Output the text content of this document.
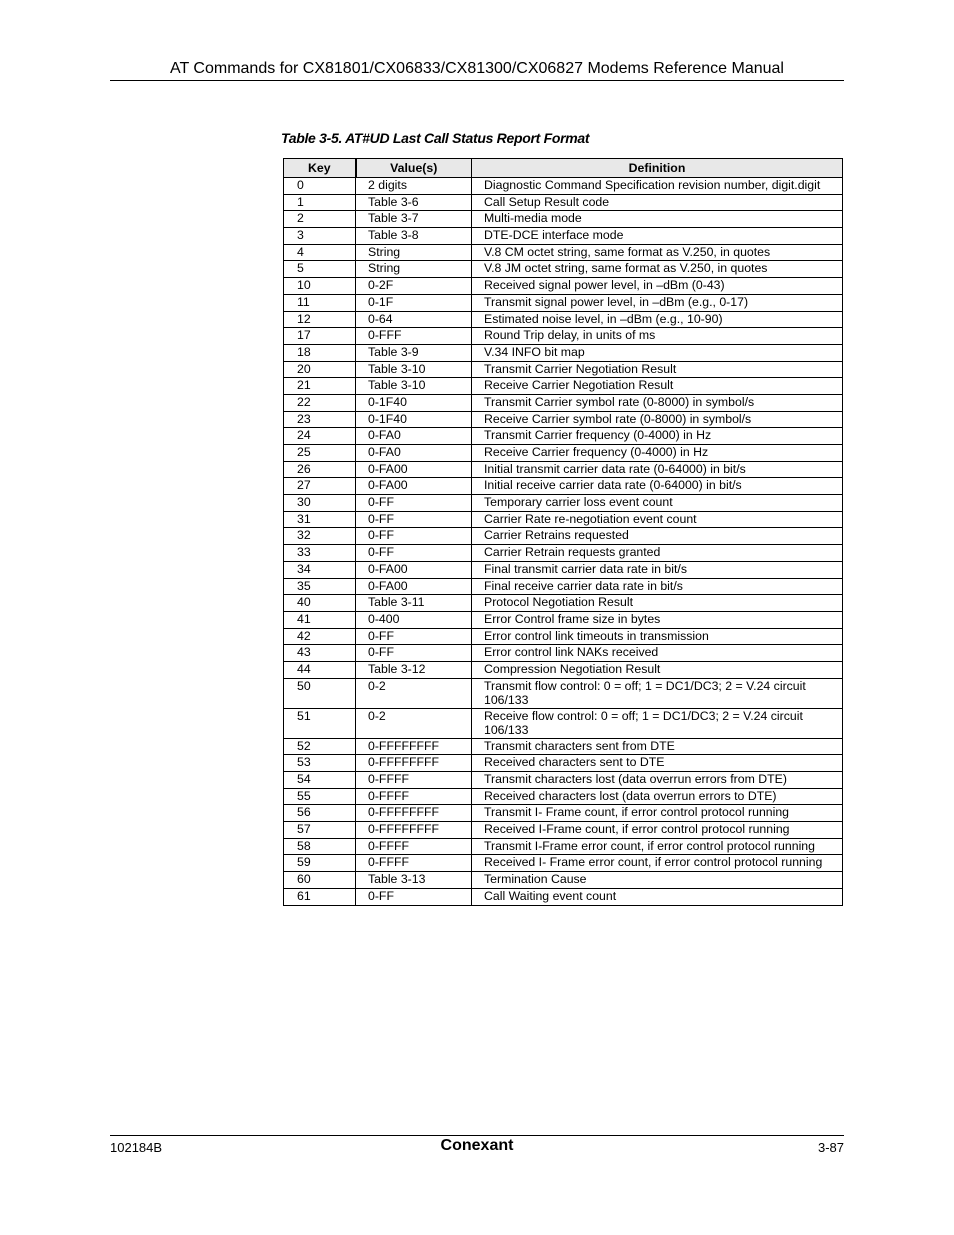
AT Commands for CX81801/CX06833/CX81300/CX06827 Modems Reference Manual
Table 3-5. AT#UD Last Call Status Report Format
Key	Value(s)	Definition
0	2 digits	Diagnostic Command Specification revision number, digit.digit
1	Table 3-6	Call Setup Result code
2	Table 3-7	Multi-media mode
3	Table 3-8	DTE-DCE interface mode
4	String	V.8 CM octet string, same format as V.250, in quotes
5	String	V.8 JM octet string, same format as V.250, in quotes
10	0-2F	Received signal power level, in –dBm (0-43)
11	0-1F	Transmit signal power level, in –dBm (e.g., 0-17)
12	0-64	Estimated noise level, in –dBm (e.g., 10-90)
17	0-FFF	Round Trip delay, in units of ms
18	Table 3-9	V.34 INFO bit map
20	Table 3-10	Transmit Carrier Negotiation Result
21	Table 3-10	Receive Carrier Negotiation Result
22	0-1F40	Transmit Carrier symbol rate (0-8000) in symbol/s
23	0-1F40	Receive Carrier symbol rate (0-8000) in symbol/s
24	0-FA0	Transmit Carrier frequency (0-4000) in Hz
25	0-FA0	Receive Carrier frequency (0-4000) in Hz
26	0-FA00	Initial transmit carrier data rate (0-64000) in bit/s
27	0-FA00	Initial receive carrier data rate (0-64000) in bit/s
30	0-FF	Temporary carrier loss event count
31	0-FF	Carrier Rate re-negotiation event count
32	0-FF	Carrier Retrains requested
33	0-FF	Carrier Retrain requests granted
34	0-FA00	Final transmit carrier data rate in bit/s
35	0-FA00	Final receive carrier data rate in bit/s
40	Table 3-11	Protocol Negotiation Result
41	0-400	Error Control frame size in bytes
42	0-FF	Error control link timeouts in transmission
43	0-FF	Error control link NAKs received
44	Table 3-12	Compression Negotiation Result
50	0-2	Transmit flow control: 0 = off; 1 = DC1/DC3; 2 = V.24 circuit 106/133
51	0-2	Receive flow control: 0 = off; 1 = DC1/DC3; 2 = V.24 circuit 106/133
52	0-FFFFFFFF	Transmit characters sent from DTE
53	0-FFFFFFFF	Received characters sent to DTE
54	0-FFFF	Transmit characters lost (data overrun errors from DTE)
55	0-FFFF	Received characters lost (data overrun errors to DTE)
56	0-FFFFFFFF	Transmit I- Frame count, if error control protocol running
57	0-FFFFFFFF	Received I-Frame count, if error control protocol running
58	0-FFFF	Transmit I-Frame error count, if error control protocol running
59	0-FFFF	Received I- Frame error count, if error control protocol running
60	Table 3-13	Termination Cause
61	0-FF	Call Waiting event count
102184B	Conexant	3-87
